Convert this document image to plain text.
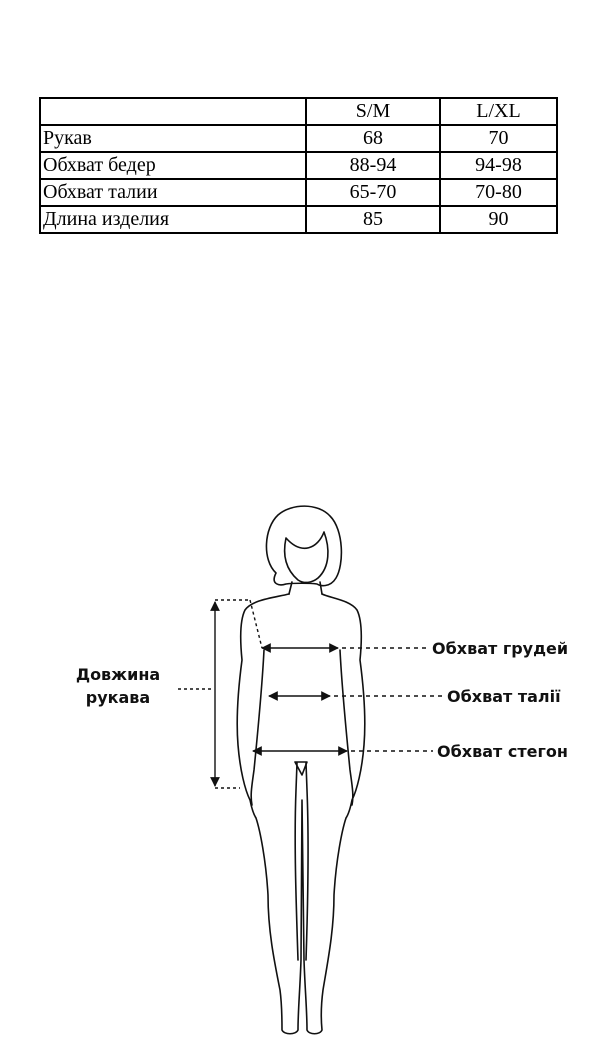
	S/M	L/XL
Рукав	68	70
Обхват бедер	88-94	94-98
Обхват талии	65-70	70-80
Длина изделия	85	90
Довжина
рукава
Обхват грудей
Обхват талії
Обхват стегон
